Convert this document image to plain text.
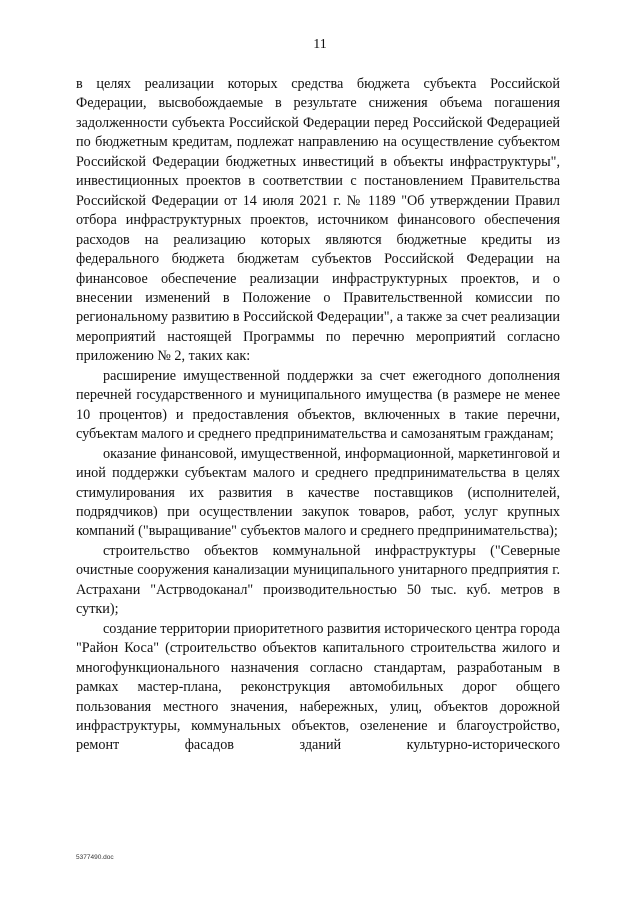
11

в целях реализации которых средства бюджета субъекта Российской Федерации, высвобождаемые в результате снижения объема погашения задолженности субъекта Российской Федерации перед Российской Федерацией по бюджетным кредитам, подлежат направлению на осуществление субъектом Российской Федерации бюджетных инвестиций в объекты инфраструктуры", инвестиционных проектов в соответствии с постановлением Правительства Российской Федерации от 14 июля 2021 г. № 1189 "Об утверждении Правил отбора инфраструктурных проектов, источником финансового обеспечения расходов на реализацию которых являются бюджетные кредиты из федерального бюджета бюджетам субъектов Российской Федерации на финансовое обеспечение реализации инфраструктурных проектов, и о внесении изменений в Положение о Правительственной комиссии по региональному развитию в Российской Федерации", а также за счет реализации мероприятий настоящей Программы по перечню мероприятий согласно приложению № 2, таких как:

расширение имущественной поддержки за счет ежегодного дополнения перечней государственного и муниципального имущества (в размере не менее 10 процентов) и предоставления объектов, включенных в такие перечни, субъектам малого и среднего предпринимательства и самозанятым гражданам;

оказание финансовой, имущественной, информационной, маркетинговой и иной поддержки субъектам малого и среднего предпринимательства в целях стимулирования их развития в качестве поставщиков (исполнителей, подрядчиков) при осуществлении закупок товаров, работ, услуг крупных компаний ("выращивание" субъектов малого и среднего предпринимательства);

строительство объектов коммунальной инфраструктуры ("Северные очистные сооружения канализации муниципального унитарного предприятия г. Астрахани "Астрводоканал" производительностью 50 тыс. куб. метров в сутки);

создание территории приоритетного развития исторического центра города "Район Коса" (строительство объектов капитального строительства жилого и многофункционального назначения согласно стандартам, разработаным в рамках мастер-плана, реконструкция автомобильных дорог общего пользования местного значения, набережных, улиц, объектов дорожной инфраструктуры, коммунальных объектов, озеленение и благоустройство, ремонт фасадов зданий культурно-исторического

5377490.doc
